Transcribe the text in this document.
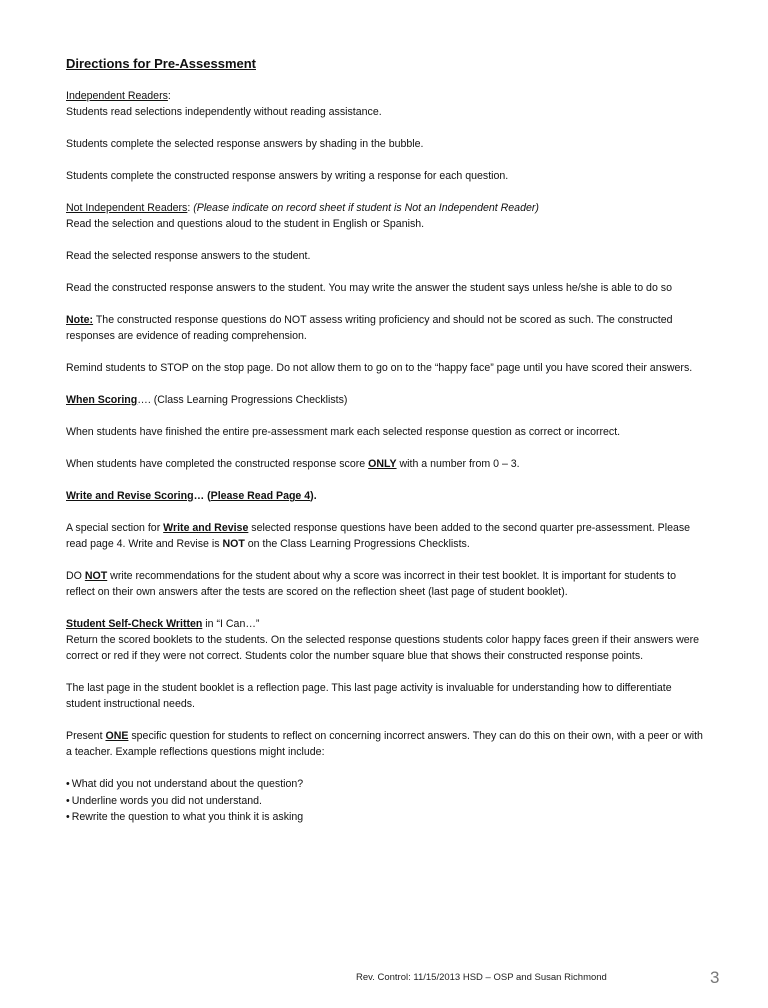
Directions for Pre-Assessment

Independent Readers:

Students read selections independently without reading assistance.

Students complete the selected response answers by shading in the bubble.

Students complete the constructed response answers by writing a response for each question.

Not Independent Readers: (Please indicate on record sheet if student is Not an Independent Reader)

Read the selection and questions aloud to the student in English or Spanish.

Read the selected response answers to the student.

Read the constructed response answers to the student. You may write the answer the student says unless he/she is able to do so

Note: The constructed response questions do NOT assess writing proficiency and should not be scored as such. The constructed responses are evidence of reading comprehension.

Remind students to STOP on the stop page. Do not allow them to go on to the “happy face” page until you have scored their answers.

When Scoring…. (Class Learning Progressions Checklists)

When students have finished the entire pre-assessment mark each selected response question as correct or incorrect.

When students have completed the constructed response score ONLY with a number from 0 – 3.

Write and Revise Scoring… (Please Read Page 4).

A special section for Write and Revise selected response questions have been added to the second quarter pre-assessment. Please read page 4. Write and Revise is NOT on the Class Learning Progressions Checklists.

DO NOT write recommendations for the student about why a score was incorrect in their test booklet. It is important for students to reflect on their own answers after the tests are scored on the reflection sheet (last page of student booklet).

Student Self-Check Written in “I Can…”

Return the scored booklets to the students. On the selected response questions students color happy faces green if their answers were correct or red if they were not correct. Students color the number square blue that shows their constructed response points.

The last page in the student booklet is a reflection page. This last page activity is invaluable for understanding how to differentiate student instructional needs.

Present ONE specific question for students to reflect on concerning incorrect answers. They can do this on their own, with a peer or with a teacher. Example reflections questions might include:

• What did you not understand about the question?
• Underline words you did not understand.
• Rewrite the question to what you think it is asking
Rev. Control: 11/15/2013 HSD – OSP and Susan Richmond	3
